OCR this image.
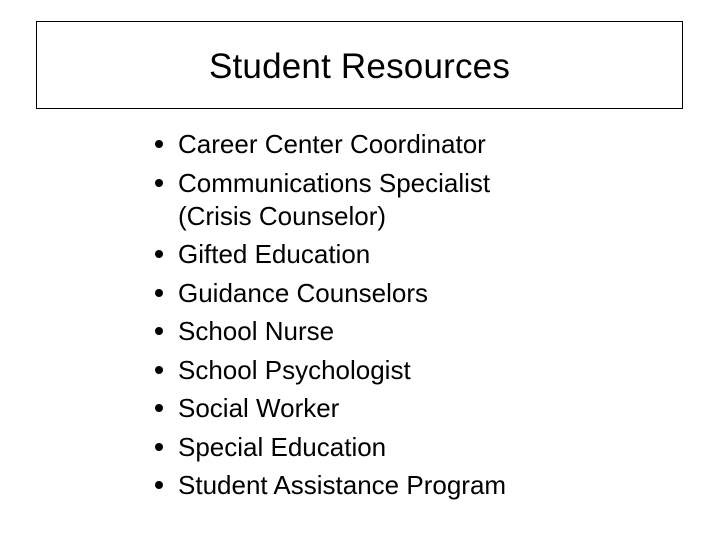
Student Resources
Career Center Coordinator
Communications Specialist
(Crisis Counselor)
Gifted Education
Guidance Counselors
School Nurse
School Psychologist
Social Worker
Special Education
Student Assistance Program
